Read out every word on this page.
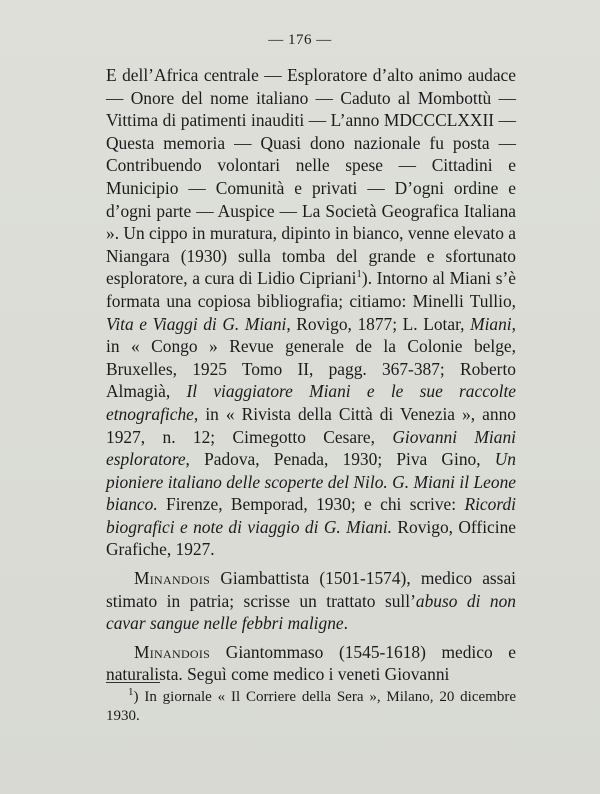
— 176 —

E dell’Africa centrale — Esploratore d’alto animo audace — Onore del nome italiano — Caduto al Mombottù — Vittima di patimenti inauditi — L’anno MDCCCLXXII — Questa memoria — Quasi dono nazionale fu posta — Contribuendo volontari nelle spese — Cittadini e Municipio — Comunità e privati — D’ogni ordine e d’ogni parte — Auspice — La Società Geografica Italiana ». Un cippo in muratura, dipinto in bianco, venne elevato a Niangara (1930) sulla tomba del grande e sfortunato esploratore, a cura di Lidio Cipriani$^1$). Intorno al Miani s’è formata una copiosa bibliografia; citiamo: Minelli Tullio, Vita e Viaggi di G. Miani, Rovigo, 1877; L. Lotar, Miani, in « Congo » Revue generale de la Colonie belge, Bruxelles, 1925 Tomo II, pagg. 367-387; Roberto Almagià, Il viaggiatore Miani e le sue raccolte etnografiche, in « Rivista della Città di Venezia », anno 1927, n. 12; Cimegotto Cesare, Giovanni Miani esploratore, Padova, Penada, 1930; Piva Gino, Un pioniere italiano delle scoperte del Nilo. G. Miani il Leone bianco. Firenze, Bemporad, 1930; e chi scrive: Ricordi biografici e note di viaggio di G. Miani. Rovigo, Officine Grafiche, 1927.

Minandois Giambattista (1501-1574), medico assai stimato in patria; scrisse un trattato sull’abuso di non cavar sangue nelle febbri maligne.

Minandois Giantommaso (1545-1618) medico e naturalista. Seguì come medico i veneti Giovanni

$^1$) In giornale « Il Corriere della Sera », Milano, 20 dicembre 1930.
